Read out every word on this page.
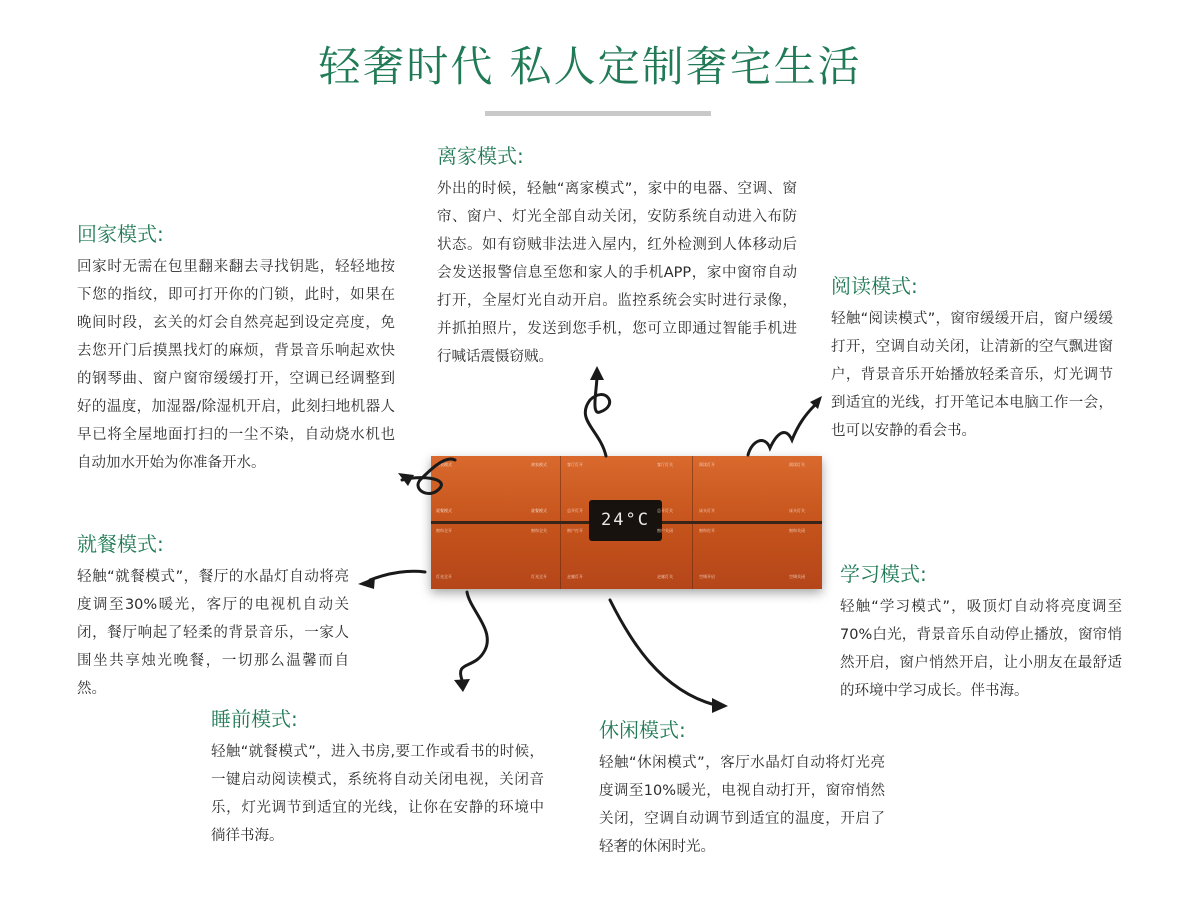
轻奢时代 私人定制奢宅生活
离家模式:
外出的时候，轻触“离家模式”，家中的电器、空调、窗帘、窗户、灯光全部自动关闭，安防系统自动进入布防状态。如有窃贼非法进入屋内，红外检测到人体移动后会发送报警信息至您和家人的手机APP，家中窗帘自动打开，全屋灯光自动开启。监控系统会实时进行录像，并抓拍照片，发送到您手机，您可立即通过智能手机进行喊话震慑窃贼。
回家模式:
回家时无需在包里翻来翻去寻找钥匙，轻轻地按下您的指纹，即可打开你的门锁，此时，如果在晚间时段，玄关的灯会自然亮起到设定亮度，免去您开门后摸黑找灯的麻烦，背景音乐响起欢快的钢琴曲、窗户窗帘缓缓打开，空调已经调整到好的温度，加湿器/除湿机开启，此刻扫地机器人早已将全屋地面打扫的一尘不染，自动烧水机也自动加水开始为你准备开水。
阅读模式:
轻触“阅读模式”，窗帘缓缓开启，窗户缓缓打开，空调自动关闭，让清新的空气飘进窗户，背景音乐开始播放轻柔音乐，灯光调节到适宜的光线，打开笔记本电脑工作一会，也可以安静的看会书。
就餐模式:
轻触“就餐模式”，餐厅的水晶灯自动将亮度调至30%暖光，客厅的电视机自动关闭，餐厅响起了轻柔的背景音乐，一家人围坐共享烛光晚餐，一切那么温馨而自然。
学习模式:
轻触“学习模式”，吸顶灯自动将亮度调至70%白光，背景音乐自动停止播放，窗帘悄然开启，窗户悄然开启，让小朋友在最舒适的环境中学习成长。伴书海。
睡前模式:
轻触“就餐模式”，进入书房,要工作或看书的时候，一键启动阅读模式，系统将自动关闭电视，关闭音乐，灯光调节到适宜的光线，让你在安静的环境中徜徉书海。
休闲模式:
轻触“休闲模式”，客厅水晶灯自动将灯光亮度调至10%暖光，电视自动打开，窗帘悄然关闭，空调自动调节到适宜的温度，开启了轻奢的休闲时光。
24°C
回家模式	离家模式	客厅灯开	客厅灯关	阅读灯开	阅读灯关
就餐模式	就餐模式	总开灯开	总开灯关	床头灯开	床头灯关
窗帘全开	窗帘全关	窗户打开	窗户关闭	窗帘打开	窗帘关闭
灯光全开	灯光全开	走廊灯开	走廊灯关	空调开启	空调关闭
